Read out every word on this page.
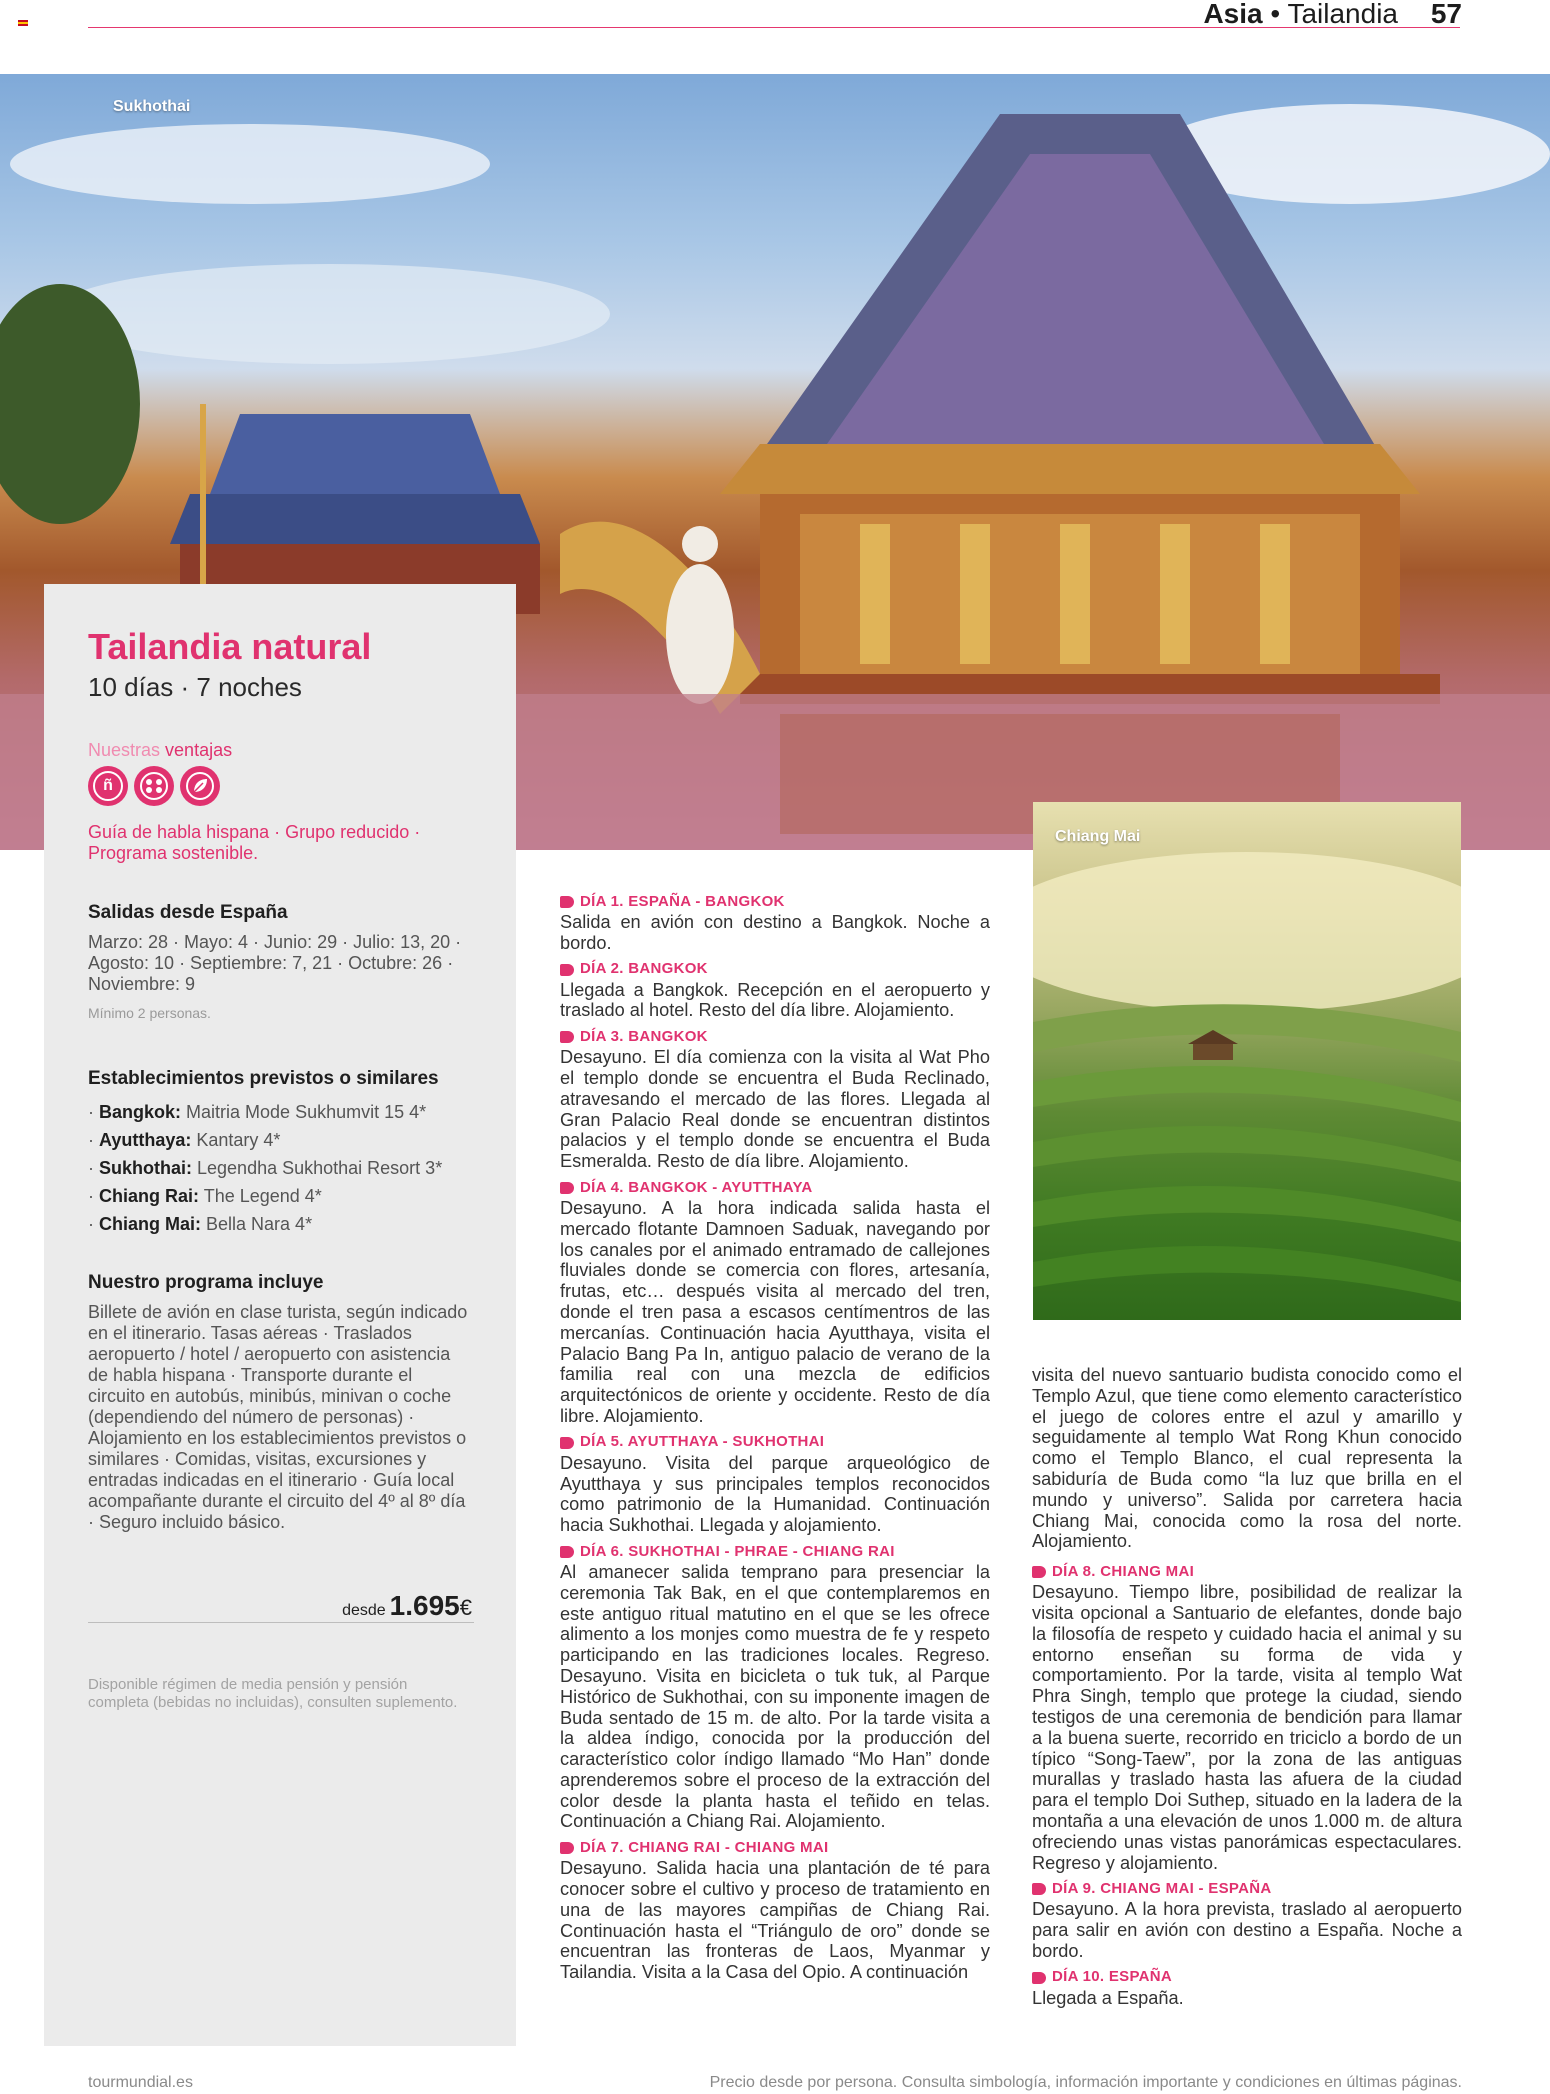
Asia • Tailandia 57
Sukhothai
Tailandia natural
10 días · 7 noches
Nuestras ventajas
ñ
Guía de habla hispana · Grupo reducido · Programa sostenible.
Salidas desde España
Marzo: 28 · Mayo: 4 · Junio: 29 · Julio: 13, 20 · Agosto: 10 · Septiembre: 7, 21 · Octubre: 26 · Noviembre: 9
Mínimo 2 personas.
Establecimientos previstos o similares
· Bangkok: Maitria Mode Sukhumvit 15 4*
· Ayutthaya: Kantary 4*
· Sukhothai: Legendha Sukhothai Resort 3*
· Chiang Rai: The Legend 4*
· Chiang Mai: Bella Nara 4*
Nuestro programa incluye
Billete de avión en clase turista, según indicado en el itinerario. Tasas aéreas · Traslados aeropuerto / hotel / aeropuerto con asistencia de habla hispana · Transporte durante el circuito en autobús, minibús, minivan o coche (dependiendo del número de personas) · Alojamiento en los establecimientos previstos o similares · Comidas, visitas, excursiones y entradas indicadas en el itinerario · Guía local acompañante durante el circuito del 4º al 8º día · Seguro incluido básico.
desde 1.695€
Disponible régimen de media pensión y pensión completa (bebidas no incluidas), consulten suplemento.
DÍA 1. ESPAÑA - BANGKOK
Salida en avión con destino a Bangkok. Noche a bordo.
DÍA 2. BANGKOK
Llegada a Bangkok. Recepción en el aeropuerto y traslado al hotel. Resto del día libre. Alojamiento.
DÍA 3. BANGKOK
Desayuno. El día comienza con la visita al Wat Pho el templo donde se encuentra el Buda Reclinado, atravesando el mercado de las flores. Llegada al Gran Palacio Real donde se encuentran distintos palacios y el templo donde se encuentra el Buda Esmeralda. Resto de día libre. Alojamiento.
DÍA 4. BANGKOK - AYUTTHAYA
Desayuno. A la hora indicada salida hasta el mercado flotante Damnoen Saduak, navegando por los canales por el animado entramado de callejones fluviales donde se comercia con flores, artesanía, frutas, etc… después visita al mercado del tren, donde el tren pasa a escasos centímentros de las mercanías. Continuación hacia Ayutthaya, visita el Palacio Bang Pa In, antiguo palacio de verano de la familia real con una mezcla de edificios arquitectónicos de oriente y occidente. Resto de día libre. Alojamiento.
DÍA 5. AYUTTHAYA - SUKHOTHAI
Desayuno. Visita del parque arqueológico de Ayutthaya y sus principales templos reconocidos como patrimonio de la Humanidad. Continuación hacia Sukhothai. Llegada y alojamiento.
DÍA 6. SUKHOTHAI - PHRAE - CHIANG RAI
Al amanecer salida temprano para presenciar la ceremonia Tak Bak, en el que contemplaremos en este antiguo ritual matutino en el que se les ofrece alimento a los monjes como muestra de fe y respeto participando en las tradiciones locales. Regreso. Desayuno. Visita en bicicleta o tuk tuk, al Parque Histórico de Sukhothai, con su imponente imagen de Buda sentado de 15 m. de alto. Por la tarde visita a la aldea índigo, conocida por la producción del característico color índigo llamado “Mo Han” donde aprenderemos sobre el proceso de la extracción del color desde la planta hasta el teñido en telas. Continuación a Chiang Rai. Alojamiento.
DÍA 7. CHIANG RAI - CHIANG MAI
Desayuno. Salida hacia una plantación de té para conocer sobre el cultivo y proceso de tratamiento en una de las mayores campiñas de Chiang Rai. Continuación hasta el “Triángulo de oro” donde se encuentran las fronteras de Laos, Myanmar y Tailandia. Visita a la Casa del Opio. A continuación
Chiang Mai
visita del nuevo santuario budista conocido como el Templo Azul, que tiene como elemento característico el juego de colores entre el azul y amarillo y seguidamente al templo Wat Rong Khun conocido como el Templo Blanco, el cual representa la sabiduría de Buda como “la luz que brilla en el mundo y universo”. Salida por carretera hacia Chiang Mai, conocida como la rosa del norte. Alojamiento.
DÍA 8. CHIANG MAI
Desayuno. Tiempo libre, posibilidad de realizar la visita opcional a Santuario de elefantes, donde bajo la filosofía de respeto y cuidado hacia el animal y su entorno enseñan su forma de vida y comportamiento. Por la tarde, visita al templo Wat Phra Singh, templo que protege la ciudad, siendo testigos de una ceremonia de bendición para llamar a la buena suerte, recorrido en triciclo a bordo de un típico “Song-Taew”, por la zona de las antiguas murallas y traslado hasta las afuera de la ciudad para el templo Doi Suthep, situado en la ladera de la montaña a una elevación de unos 1.000 m. de altura ofreciendo unas vistas panorámicas espectaculares. Regreso y alojamiento.
DÍA 9. CHIANG MAI - ESPAÑA
Desayuno. A la hora prevista, traslado al aeropuerto para salir en avión con destino a España. Noche a bordo.
DÍA 10. ESPAÑA
Llegada a España.
tourmundial.es	Precio desde por persona. Consulta simbología, información importante y condiciones en últimas páginas.
